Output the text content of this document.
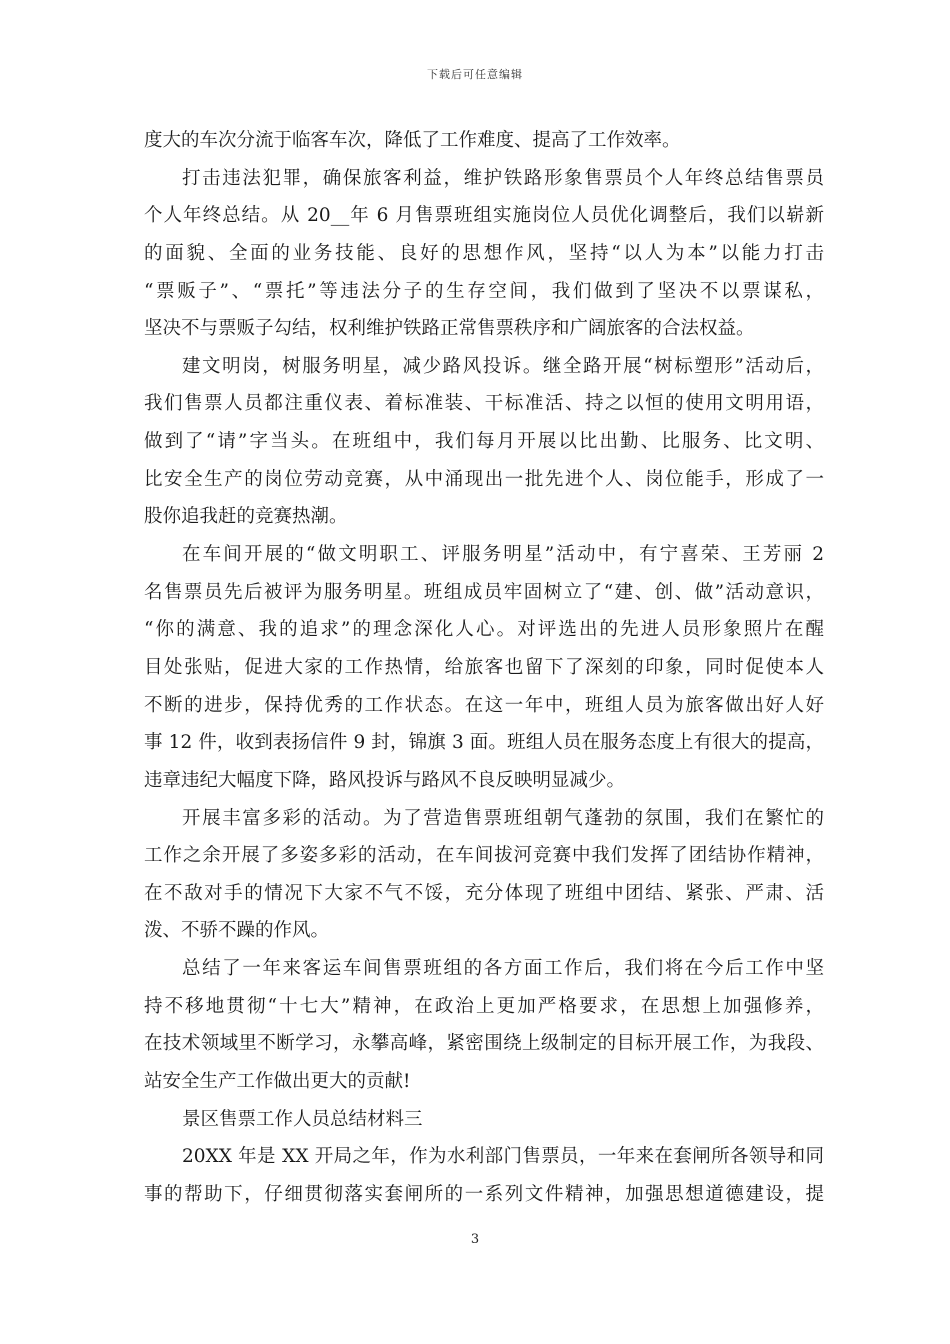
下载后可任意编辑
度大的车次分流于临客车次，降低了工作难度、提高了工作效率。
打击违法犯罪，确保旅客利益，维护铁路形象售票员个人年终总结售票员
个人年终总结。从 20__年 6 月售票班组实施岗位人员优化调整后，我们以崭新
的面貌、全面的业务技能、良好的思想作风，坚持“以人为本”以能力打击
“票贩子”、“票托”等违法分子的生存空间，我们做到了坚决不以票谋私，
坚决不与票贩子勾结，权利维护铁路正常售票秩序和广阔旅客的合法权益。
建文明岗，树服务明星，减少路风投诉。继全路开展“树标塑形”活动后，
我们售票人员都注重仪表、着标准装、干标准活、持之以恒的使用文明用语，
做到了“请”字当头。在班组中，我们每月开展以比出勤、比服务、比文明、
比安全生产的岗位劳动竞赛，从中涌现出一批先进个人、岗位能手，形成了一
股你追我赶的竞赛热潮。
在车间开展的“做文明职工、评服务明星”活动中，有宁喜荣、王芳丽 2
名售票员先后被评为服务明星。班组成员牢固树立了“建、创、做”活动意识，
“你的满意、我的追求”的理念深化人心。对评选出的先进人员形象照片在醒
目处张贴，促进大家的工作热情，给旅客也留下了深刻的印象，同时促使本人
不断的进步，保持优秀的工作状态。在这一年中，班组人员为旅客做出好人好
事 12 件，收到表扬信件 9 封，锦旗 3 面。班组人员在服务态度上有很大的提高，
违章违纪大幅度下降，路风投诉与路风不良反映明显减少。
开展丰富多彩的活动。为了营造售票班组朝气蓬勃的氛围，我们在繁忙的
工作之余开展了多姿多彩的活动，在车间拔河竞赛中我们发挥了团结协作精神，
在不敌对手的情况下大家不气不馁，充分体现了班组中团结、紧张、严肃、活
泼、不骄不躁的作风。
总结了一年来客运车间售票班组的各方面工作后，我们将在今后工作中坚
持不移地贯彻“十七大”精神，在政治上更加严格要求，在思想上加强修养，
在技术领域里不断学习，永攀高峰，紧密围绕上级制定的目标开展工作，为我段、
站安全生产工作做出更大的贡献!
景区售票工作人员总结材料三
20XX 年是 XX 开局之年，作为水利部门售票员，一年来在套闸所各领导和同
事的帮助下，仔细贯彻落实套闸所的一系列文件精神，加强思想道德建设，提
3
